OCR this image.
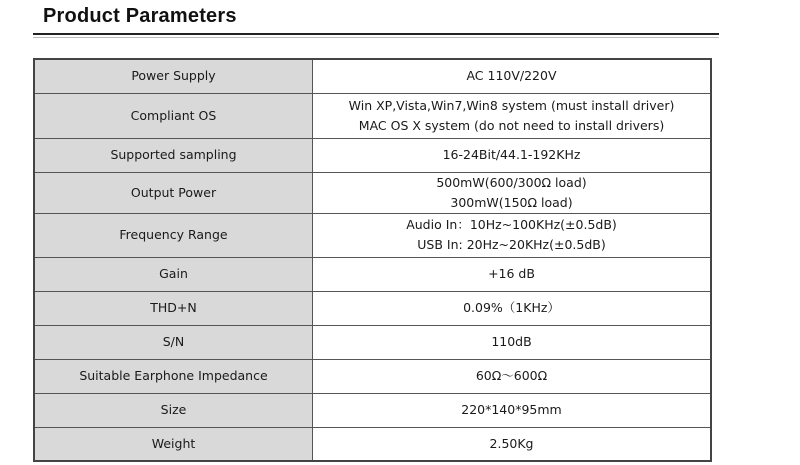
Product Parameters
Power Supply	AC 110V/220V

Compliant OS	Win XP,Vista,Win7,Win8 system (must install driver)
MAC OS X system (do not need to install drivers)

Supported sampling	16-24Bit/44.1-192KHz

Output Power	500mW(600/300Ω load)
300mW(150Ω load)

Frequency Range	Audio In：10Hz~100KHz(±0.5dB)
USB In: 20Hz~20KHz(±0.5dB)

Gain	+16 dB

THD+N	0.09%（1KHz）

S/N	110dB

Suitable Earphone Impedance	60Ω～600Ω

Size	220*140*95mm

Weight	2.50Kg
